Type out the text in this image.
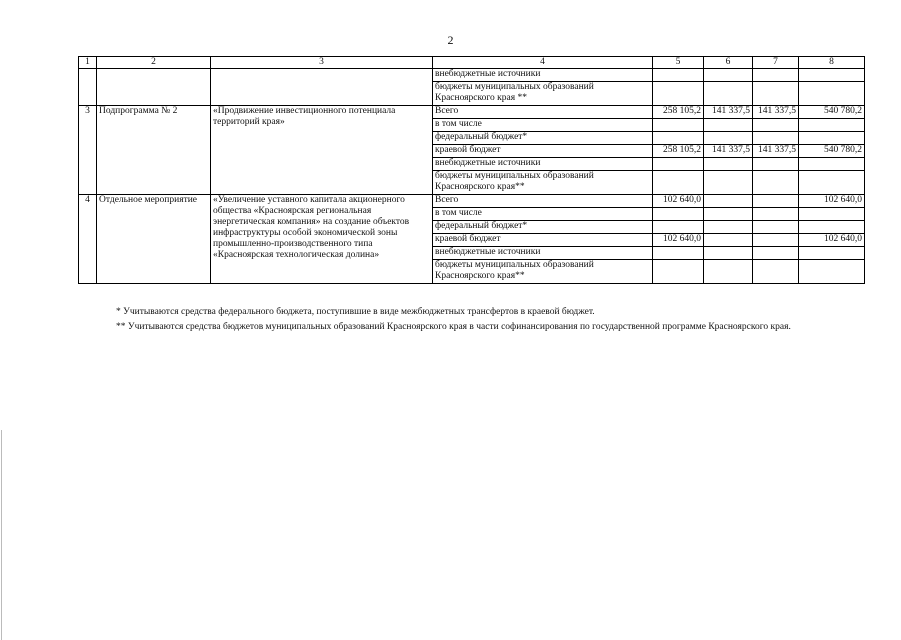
2
1	2	3	4	5	6	7	8
			внебюджетные источники				
			бюджеты муниципальных образований Красноярского края **				
3	Подпрограмма № 2	«Продвижение инвестиционного потенциала территорий края»	Всего	258 105,2	141 337,5	141 337,5	540 780,2
			в том числе				
			федеральный бюджет*				
			краевой бюджет	258 105,2	141 337,5	141 337,5	540 780,2
			внебюджетные источники				
			бюджеты муниципальных образований Красноярского края**				
4	Отдельное мероприятие	«Увеличение уставного капитала акционерного общества «Красноярская региональная энергетическая компания» на создание объектов инфраструктуры особой экономической зоны промышленно-производственного типа «Красноярская технологическая долина»	Всего	102 640,0			102 640,0
			в том числе				
			федеральный бюджет*				
			краевой бюджет	102 640,0			102 640,0
			внебюджетные источники				
			бюджеты муниципальных образований Красноярского края**				
* Учитываются средства федерального бюджета, поступившие в виде межбюджетных трансфертов в краевой бюджет.
** Учитываются средства бюджетов муниципальных образований Красноярского края в части софинансирования по государственной программе Красноярского края.
